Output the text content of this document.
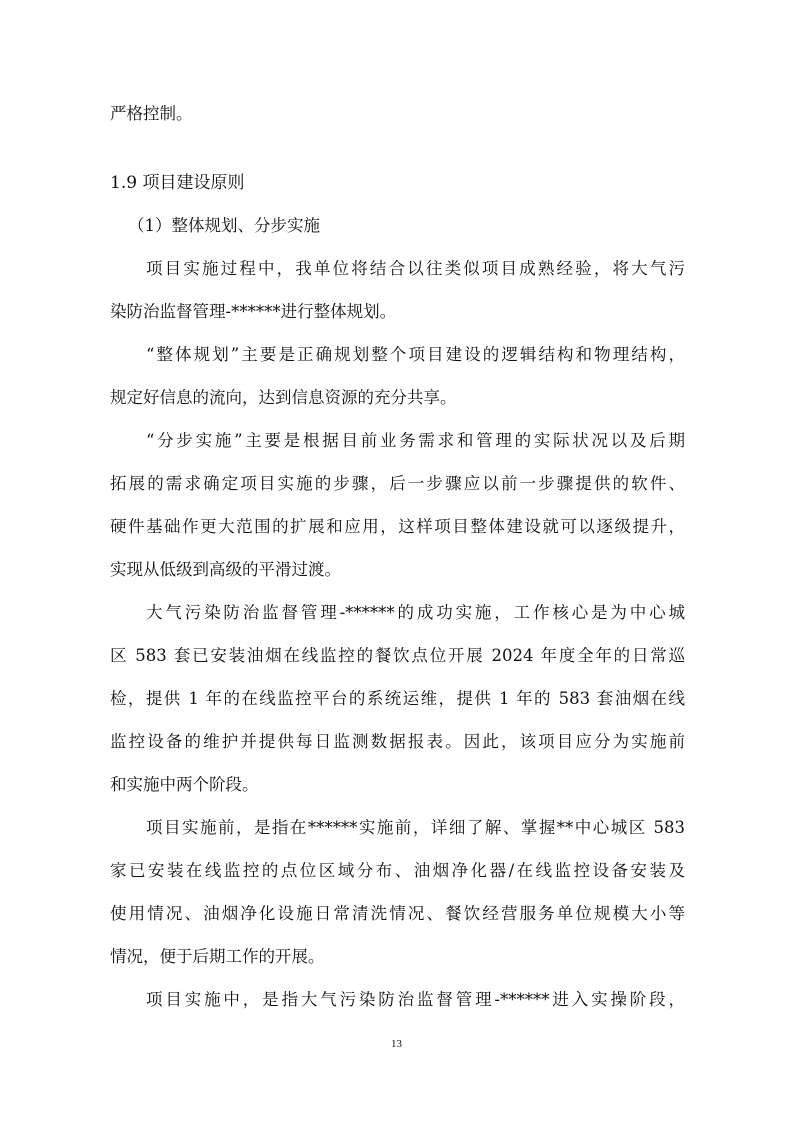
严格控制。
1.9 项目建设原则
（1）整体规划、分步实施
项目实施过程中，我单位将结合以往类似项目成熟经验，将大气污
染防治监督管理-******进行整体规划。
“整体规划”主要是正确规划整个项目建设的逻辑结构和物理结构，
规定好信息的流向，达到信息资源的充分共享。
“分步实施”主要是根据目前业务需求和管理的实际状况以及后期
拓展的需求确定项目实施的步骤，后一步骤应以前一步骤提供的软件、
硬件基础作更大范围的扩展和应用，这样项目整体建设就可以逐级提升，
实现从低级到高级的平滑过渡。
大气污染防治监督管理-******的成功实施，工作核心是为中心城
区 583 套已安装油烟在线监控的餐饮点位开展 2024 年度全年的日常巡
检，提供 1 年的在线监控平台的系统运维，提供 1 年的 583 套油烟在线
监控设备的维护并提供每日监测数据报表。因此，该项目应分为实施前
和实施中两个阶段。
项目实施前，是指在******实施前，详细了解、掌握**中心城区 583
家已安装在线监控的点位区域分布、油烟净化器/在线监控设备安装及
使用情况、油烟净化设施日常清洗情况、餐饮经营服务单位规模大小等
情况，便于后期工作的开展。
项目实施中，是指大气污染防治监督管理-******进入实操阶段，
13
